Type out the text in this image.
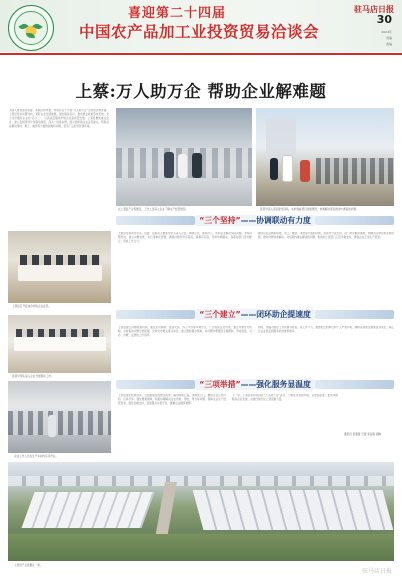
喜迎第二十四届
中国农产品加工业投资贸易洽谈会
驻马店日报
30
2024年
责编
美编
上蔡:万人助万企 帮助企业解难题
为深入贯彻落实省委、省政府和市委、市政府关于开展“万人助万企”活动的决策部署，上蔡县坚持问题导向，紧盯企业发展难题，强化服务意识，推动惠企政策落地见效，全力当好服务企业的“店小二”，以高质量服务护航企业高质量发展。上蔡县聚焦重点企业，建立县级领导分包联系制度，深入一线察实情，面对面听取企业意见建议，帮助企业解决用地、用工、融资等方面的困难和问题，营造了良好的营商环境。
在上蔡县产业集聚区，工作人员深入企业了解生产经营情况。	县领导深入项目建设现场，实地察看项目进展情况，协调解决项目推进中遇到的问题。
“三个坚持”——协调联动有力度
上蔡县召开座谈会听取企业意见。
上蔡县坚持领导带头，县委、县政府主要领导带头深入企业，调研走访，现场办公，帮助企业解决实际问题。坚持问题导向，建立问题台账，实行清单化管理，确保问题件件有着落、事事有回音。坚持协调联动，各职能部门密切配合，形成工作合力。
围绕企业反映的用地、用工、融资、审批等方面的问题，县领导分包负责，逐一研究解决措施，明确责任单位和完成时限，推动问题快速解决。对短期内难以解决的问题，积极向上级部门汇报争取支持，确保企业正常生产经营。
“三个建立”——闭环助企提速度
县领导带队深入企业开展帮扶工作。
上蔡县建立问题收集机制，通过走访调研、座谈交流、线上平台等多种方式，广泛收集企业诉求。建立问题交办机制，对收集的问题分类梳理，及时交办相关责任单位。建立跟踪督办机制，对问题办理情况全程跟踪，形成收集、交办、办理、反馈的工作闭环。
同时，加强对助企工作的督导检查，对工作不力、推诿扯皮的单位和个人严肃问责，确保各项助企措施落到实处，真正让企业感受到服务的速度和效率。
“三项举措”——强化服务显温度
企业工作人员在生产车间内有序作业。
上蔡县强化政策落实，全面梳理各级惠企政策，编印政策汇编，送政策上门，确保企业应知尽知、应享尽享。强化要素保障，积极协调解决企业用地、用电、用水等问题，保障企业生产经营需求。强化金融支持，搭建银企对接平台，缓解企业融资难题。
下一步，上蔡县将持续深化“万人助万企”活动，不断优化营商环境，以更高标准、更实举措服务企业发展，为建设现代化上蔡贡献力量。
通讯员 张蕾蕾 王雷 李亚南 胡晓
上蔡县产业集聚区一角。
驻马店日报
